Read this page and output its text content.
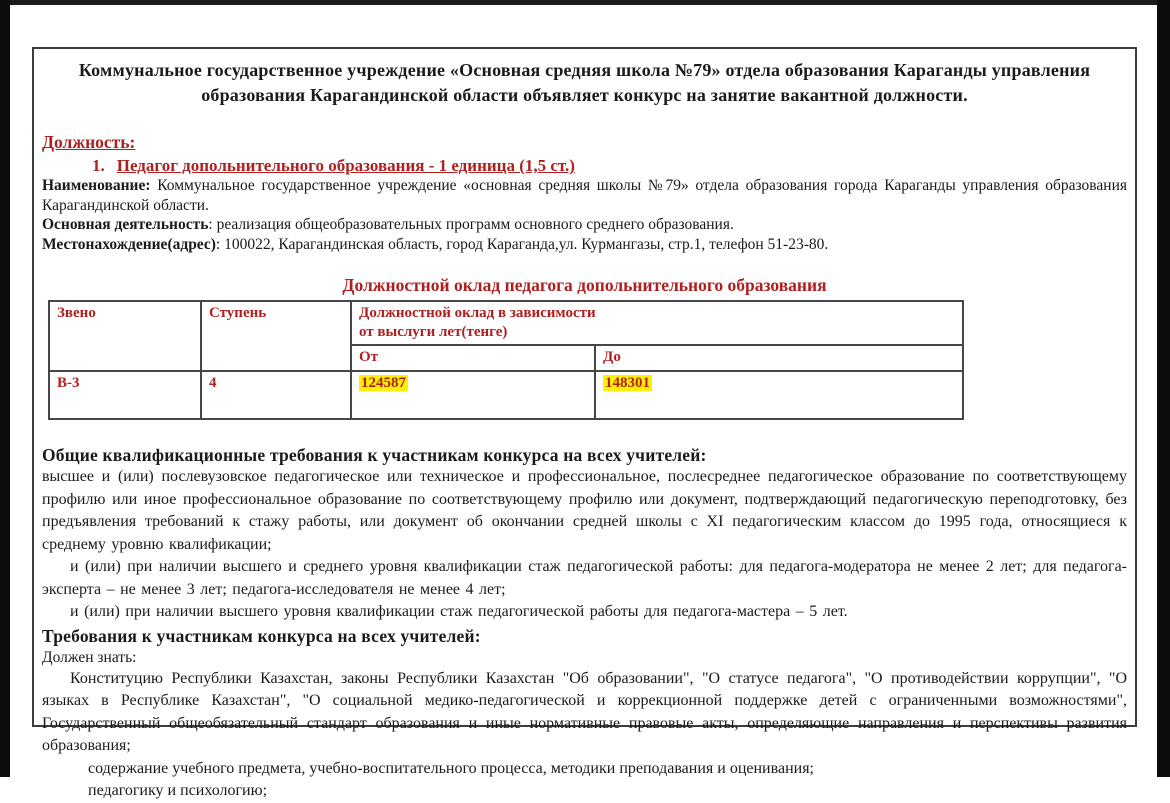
Коммунальное государственное учреждение «Основная средняя школа №79» отдела образования Караганды управления образования Карагандинской области объявляет конкурс на занятие вакантной должности.
Должность:
1. Педагог допольнительного образования - 1 единица (1,5 ст.)

Наименование: Коммунальное государственное учреждение «основная средняя школы №79» отдела образования города Караганды управления образования Карагандинской области.

Основная деятельность: реализация общеобразовательных программ основного среднего образования.

Местонахождение(адрес): 100022, Карагандинская область, город Караганда,ул. Курмангазы, стр.1, телефон 51-23-80.

Должностной оклад педагога допольнительного образования
Звено	Ступень	Должностной оклад в зависимости
от выслуги лет(тенге)	

		От	До
В-3	4	124587	148301
Общие квалификационные требования к участникам конкурса на всех учителей:

высшее и (или) послевузовское педагогическое или техническое и профессиональное, послесреднее педагогическое образование по соответствующему профилю или иное профессиональное образование по соответствующему профилю или документ, подтверждающий педагогическую переподготовку, без предъявления требований к стажу работы, или документ об окончании средней школы с XI педагогическим классом до 1995 года, относящиеся к среднему уровню квалификации;

и (или) при наличии высшего и среднего уровня квалификации стаж педагогической работы: для педагога-модератора не менее 2 лет; для педагога-эксперта – не менее 3 лет; педагога-исследователя не менее 4 лет;

и (или) при наличии высшего уровня квалификации стаж педагогической работы для педагога-мастера – 5 лет.

Требования к участникам конкурса на всех учителей:

Должен знать:

Конституцию Республики Казахстан, законы Республики Казахстан "Об образовании", "О статусе педагога", "О противодействии коррупции", "О языках в Республике Казахстан", "О социальной медико-педагогической и коррекционной поддержке детей с ограниченными возможностями", Государственный общеобязательный стандарт образования и иные нормативные правовые акты, определяющие направления и перспективы развития образования;

содержание учебного предмета, учебно-воспитательного процесса, методики преподавания и оценивания;

педагогику и психологию;
